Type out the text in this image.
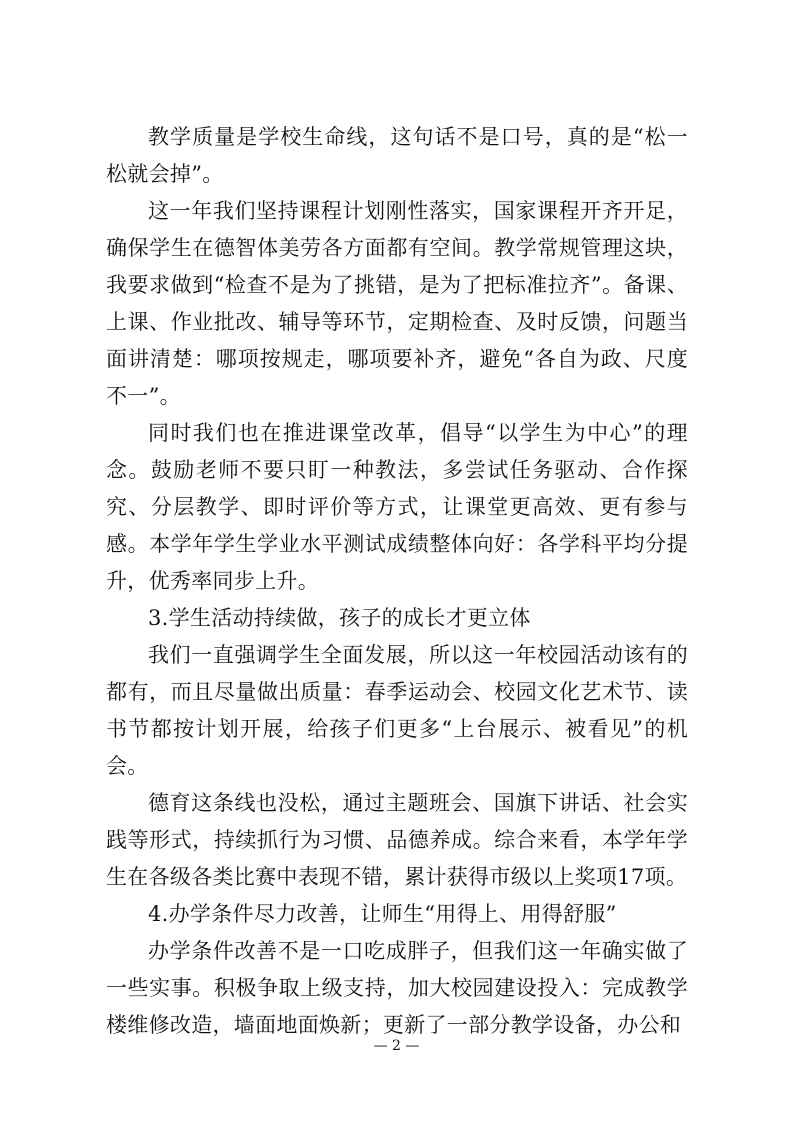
教学质量是学校生命线，这句话不是口号，真的是“松一松就会掉”。

这一年我们坚持课程计划刚性落实，国家课程开齐开足，确保学生在德智体美劳各方面都有空间。教学常规管理这块，我要求做到“检查不是为了挑错，是为了把标准拉齐”。备课、上课、作业批改、辅导等环节，定期检查、及时反馈，问题当面讲清楚：哪项按规走，哪项要补齐，避免“各自为政、尺度不一”。

同时我们也在推进课堂改革，倡导“以学生为中心”的理念。鼓励老师不要只盯一种教法，多尝试任务驱动、合作探究、分层教学、即时评价等方式，让课堂更高效、更有参与感。本学年学生学业水平测试成绩整体向好：各学科平均分提升，优秀率同步上升。

3.学生活动持续做，孩子的成长才更立体

我们一直强调学生全面发展，所以这一年校园活动该有的都有，而且尽量做出质量：春季运动会、校园文化艺术节、读书节都按计划开展，给孩子们更多“上台展示、被看见”的机会。

德育这条线也没松，通过主题班会、国旗下讲话、社会实践等形式，持续抓行为习惯、品德养成。综合来看，本学年学生在各级各类比赛中表现不错，累计获得市级以上奖项17项。

4.办学条件尽力改善，让师生“用得上、用得舒服”

办学条件改善不是一口吃成胖子，但我们这一年确实做了一些实事。积极争取上级支持，加大校园建设投入：完成教学楼维修改造，墙面地面焕新；更新了一部分教学设备，办公和

— 2 —
